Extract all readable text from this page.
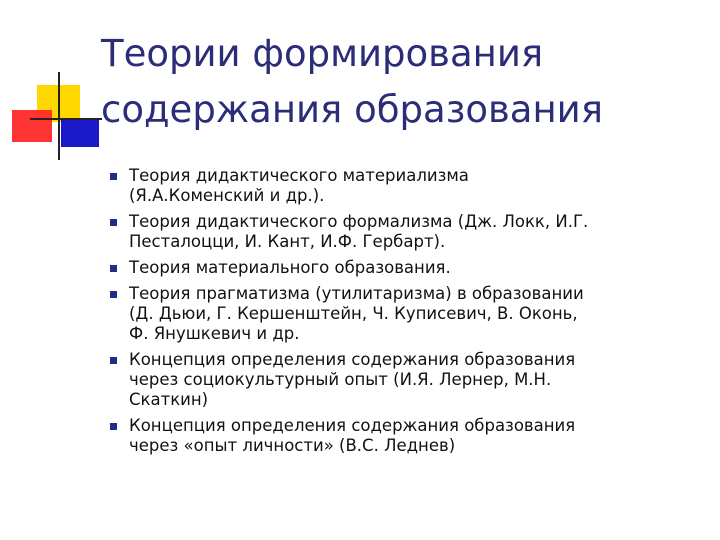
Теории формирования
содержания образования
Теория дидактического материализма
(Я.А.Коменский и др.).
Теория дидактического формализма (Дж. Локк, И.Г.
Песталоцци, И. Кант, И.Ф. Гербарт).
Теория материального образования.
Теория прагматизма (утилитаризма) в образовании
(Д. Дьюи, Г. Кершенштейн, Ч. Куписевич, В. Оконь,
Ф. Янушкевич и др.
Концепция определения содержания образования
через социокультурный опыт (И.Я. Лернер, М.Н.
Скаткин)
Концепция определения содержания образования
через «опыт личности» (В.С. Леднев)
